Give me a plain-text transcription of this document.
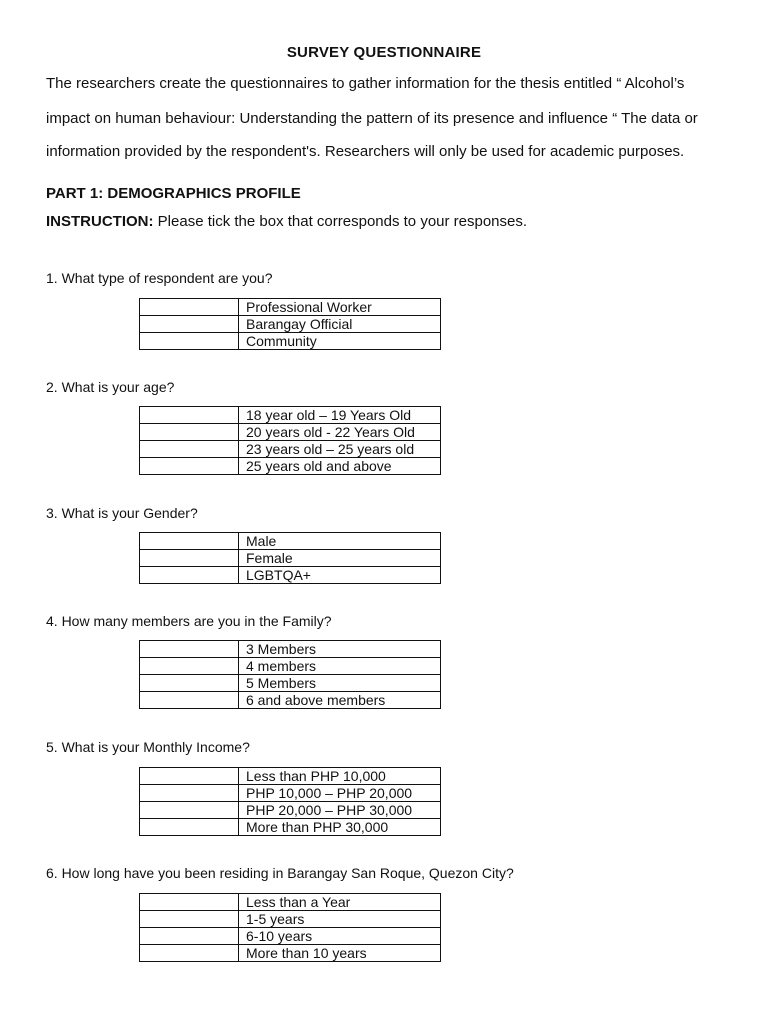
SURVEY QUESTIONNAIRE
The researchers create the questionnaires to gather information for the thesis entitled “ Alcohol’s
impact on human behaviour: Understanding the pattern of its presence and influence “ The data or
information provided by the respondent's. Researchers will only be used for academic purposes.
PART 1: DEMOGRAPHICS PROFILE
INSTRUCTION: Please tick the box that corresponds to your responses.
1. What type of respondent are you?
	Professional Worker
	Barangay Official
	Community
2. What is your age?
	18 year old – 19 Years Old
	20 years old - 22 Years Old
	23 years old – 25 years old
	25 years old and above
3. What is your Gender?
	Male
	Female
	LGBTQA+
4. How many members are you in the Family?
	3 Members
	4 members
	5 Members
	6 and above members
5. What is your Monthly Income?
	Less than PHP 10,000
	PHP 10,000 – PHP 20,000
	PHP 20,000 – PHP 30,000
	More than PHP 30,000
6. How long have you been residing in Barangay San Roque, Quezon City?
	Less than a Year
	1-5 years
	6-10 years
	More than 10 years
